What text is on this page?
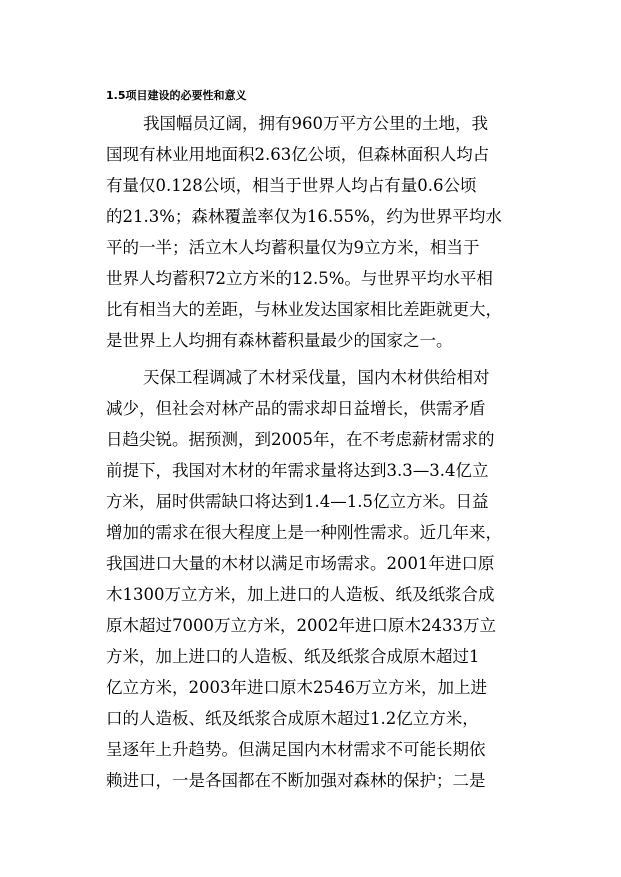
1.5项目建设的必要性和意义
我国幅员辽阔，拥有960万平方公里的土地，我
国现有林业用地面积2.63亿公顷，但森林面积人均占
有量仅0.128公顷，相当于世界人均占有量0.6公顷
的21.3%；森林覆盖率仅为16.55%，约为世界平均水
平的一半；活立木人均蓄积量仅为9立方米，相当于
世界人均蓄积72立方米的12.5%。与世界平均水平相
比有相当大的差距，与林业发达国家相比差距就更大，
是世界上人均拥有森林蓄积量最少的国家之一。
天保工程调减了木材采伐量，国内木材供给相对
减少，但社会对林产品的需求却日益增长，供需矛盾
日趋尖锐。据预测，到2005年，在不考虑薪材需求的
前提下，我国对木材的年需求量将达到3.3—3.4亿立
方米，届时供需缺口将达到1.4—1.5亿立方米。日益
增加的需求在很大程度上是一种刚性需求。近几年来，
我国进口大量的木材以满足市场需求。2001年进口原
木1300万立方米，加上进口的人造板、纸及纸浆合成
原木超过7000万立方米，2002年进口原木2433万立
方米，加上进口的人造板、纸及纸浆合成原木超过1
亿立方米，2003年进口原木2546万立方米，加上进
口的人造板、纸及纸浆合成原木超过1.2亿立方米，
呈逐年上升趋势。但满足国内木材需求不可能长期依
赖进口，一是各国都在不断加强对森林的保护；二是
